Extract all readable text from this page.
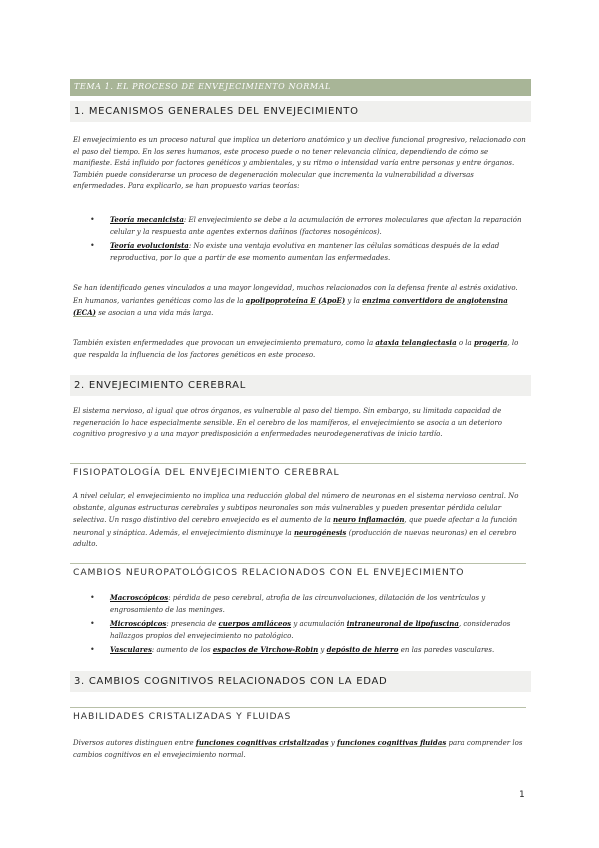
TEMA 1. EL PROCESO DE ENVEJECIMIENTO NORMAL
1. MECANISMOS GENERALES DEL ENVEJECIMIENTO

El envejecimiento es un proceso natural que implica un deterioro anatómico y un declive funcional progresivo, relacionado con el paso del tiempo. En los seres humanos, este proceso puede o no tener relevancia clínica, dependiendo de cómo se manifieste. Está influido por factores genéticos y ambientales, y su ritmo o intensidad varía entre personas y entre órganos. También puede considerarse un proceso de degeneración molecular que incrementa la vulnerabilidad a diversas enfermedades. Para explicarlo, se han propuesto varias teorías:

• Teoría mecanicista: El envejecimiento se debe a la acumulación de errores moleculares que afectan la reparación celular y la respuesta ante agentes externos dañinos (factores nosogénicos).
• Teoría evolucionista: No existe una ventaja evolutiva en mantener las células somáticas después de la edad reproductiva, por lo que a partir de ese momento aumentan las enfermedades.

Se han identificado genes vinculados a una mayor longevidad, muchos relacionados con la defensa frente al estrés oxidativo. En humanos, variantes genéticas como las de la apolipoproteína E (ApoE) y la enzima convertidora de angiotensina (ECA) se asocian a una vida más larga.

También existen enfermedades que provocan un envejecimiento prematuro, como la ataxia telangiectasia o la progeria, lo que respalda la influencia de los factores genéticos en este proceso.

2. ENVEJECIMIENTO CEREBRAL

El sistema nervioso, al igual que otros órganos, es vulnerable al paso del tiempo. Sin embargo, su limitada capacidad de regeneración lo hace especialmente sensible. En el cerebro de los mamíferos, el envejecimiento se asocia a un deterioro cognitivo progresivo y a una mayor predisposición a enfermedades neurodegenerativas de inicio tardío.

FISIOPATOLOGÍA DEL ENVEJECIMIENTO CEREBRAL

A nivel celular, el envejecimiento no implica una reducción global del número de neuronas en el sistema nervioso central. No obstante, algunas estructuras cerebrales y subtipos neuronales son más vulnerables y pueden presentar pérdida celular selectiva. Un rasgo distintivo del cerebro envejecido es el aumento de la neuro inflamación, que puede afectar a la función neuronal y sináptica. Además, el envejecimiento disminuye la neurogénesis (producción de nuevas neuronas) en el cerebro adulto.

CAMBIOS NEUROPATOLÓGICOS RELACIONADOS CON EL ENVEJECIMIENTO
• Macroscópicos: pérdida de peso cerebral, atrofia de las circunvoluciones, dilatación de los ventrículos y engrosamiento de las meninges.
• Microscópicos: presencia de cuerpos amiláceos y acumulación intraneuronal de lipofuscina, considerados hallazgos propios del envejecimiento no patológico.
• Vasculares: aumento de los espacios de Virchow-Robin y depósito de hierro en las paredes vasculares.
3. CAMBIOS COGNITIVOS RELACIONADOS CON LA EDAD
HABILIDADES CRISTALIZADAS Y FLUIDAS

Diversos autores distinguen entre funciones cognitivas cristalizadas y funciones cognitivas fluidas para comprender los cambios cognitivos en el envejecimiento normal.

1
